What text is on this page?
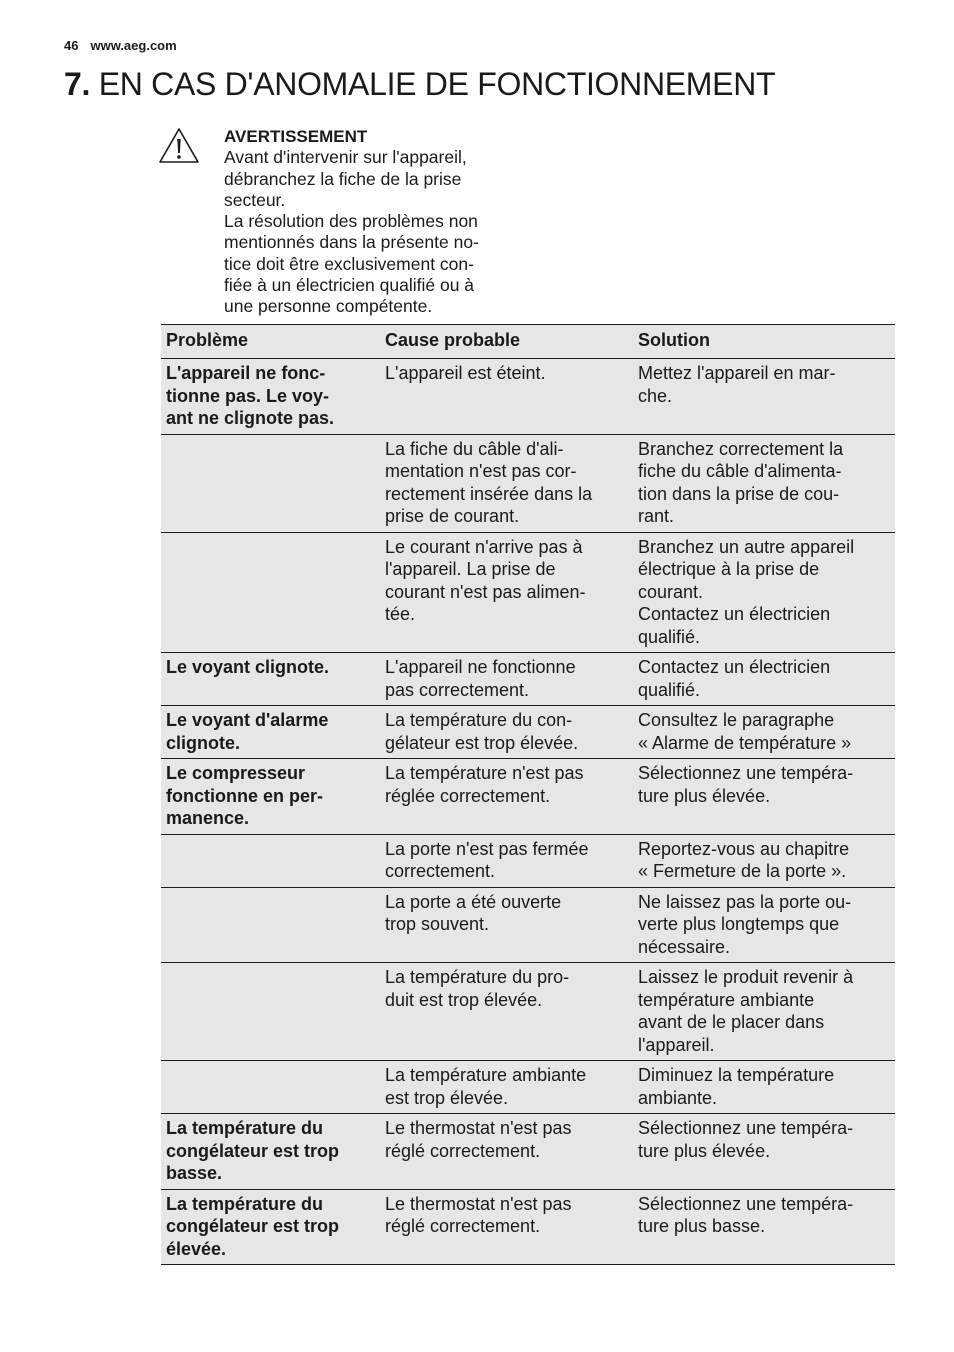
46 www.aeg.com
7. EN CAS D'ANOMALIE DE FONCTIONNEMENT
AVERTISSEMENT
Avant d'intervenir sur l'appareil,
débranchez la fiche de la prise
secteur.
La résolution des problèmes non
mentionnés dans la présente no-
tice doit être exclusivement con-
fiée à un électricien qualifié ou à
une personne compétente.
Problème	Cause probable	Solution

L'appareil ne fonc-
tionne pas. Le voy-
ant ne clignote pas.	L'appareil est éteint.	Mettez l'appareil en mar-
che.

	La fiche du câble d'ali-
mentation n'est pas cor-
rectement insérée dans la
prise de courant.	Branchez correctement la
fiche du câble d'alimenta-
tion dans la prise de cou-
rant.

	Le courant n'arrive pas à
l'appareil. La prise de
courant n'est pas alimen-
tée.	Branchez un autre appareil
électrique à la prise de
courant.
Contactez un électricien
qualifié.

Le voyant clignote.	L'appareil ne fonctionne
pas correctement.	Contactez un électricien
qualifié.

Le voyant d'alarme
clignote.	La température du con-
gélateur est trop élevée.	Consultez le paragraphe
« Alarme de température »

Le compresseur
fonctionne en per-
manence.	La température n'est pas
réglée correctement.	Sélectionnez une tempéra-
ture plus élevée.

	La porte n'est pas fermée
correctement.	Reportez-vous au chapitre
« Fermeture de la porte ».

	La porte a été ouverte
trop souvent.	Ne laissez pas la porte ou-
verte plus longtemps que
nécessaire.

	La température du pro-
duit est trop élevée.	Laissez le produit revenir à
température ambiante
avant de le placer dans
l'appareil.

	La température ambiante
est trop élevée.	Diminuez la température
ambiante.

La température du
congélateur est trop
basse.	Le thermostat n'est pas
réglé correctement.	Sélectionnez une tempéra-
ture plus élevée.

La température du
congélateur est trop
élevée.	Le thermostat n'est pas
réglé correctement.	Sélectionnez une tempéra-
ture plus basse.
